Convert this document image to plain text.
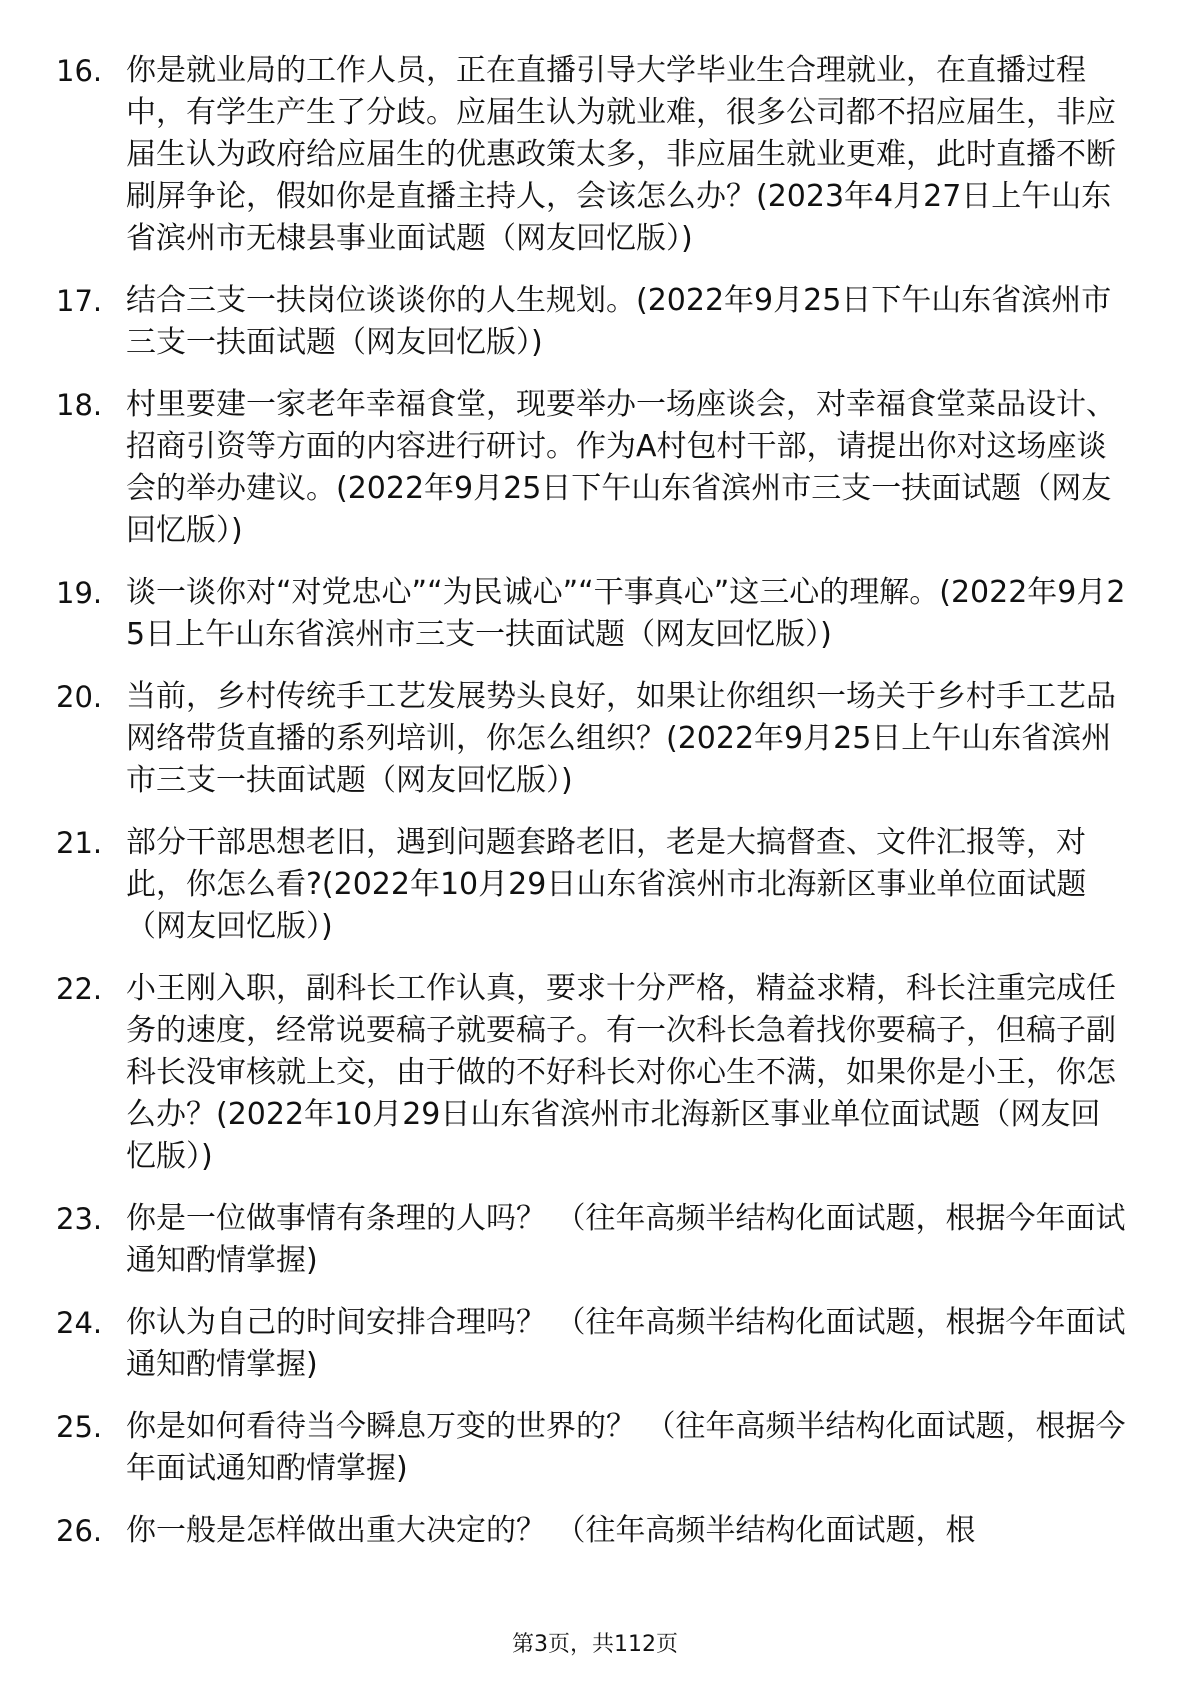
16. 你是就业局的工作人员，正在直播引导大学毕业生合理就业，在直播过程中，有学生产生了分歧。应届生认为就业难，很多公司都不招应届生，非应届生认为政府给应届生的优惠政策太多，非应届生就业更难，此时直播不断刷屏争论，假如你是直播主持人，会该怎么办？(2023年4月27日上午山东省滨州市无棣县事业面试题（网友回忆版）)
17. 结合三支一扶岗位谈谈你的人生规划。(2022年9月25日下午山东省滨州市三支一扶面试题（网友回忆版）)
18. 村里要建一家老年幸福食堂，现要举办一场座谈会，对幸福食堂菜品设计、招商引资等方面的内容进行研讨。作为A村包村干部，请提出你对这场座谈会的举办建议。(2022年9月25日下午山东省滨州市三支一扶面试题（网友回忆版）)
19. 谈一谈你对“对党忠心”“为民诚心”“干事真心”这三心的理解。(2022年9月25日上午山东省滨州市三支一扶面试题（网友回忆版）)
20. 当前，乡村传统手工艺发展势头良好，如果让你组织一场关于乡村手工艺品网络带货直播的系列培训，你怎么组织？(2022年9月25日上午山东省滨州市三支一扶面试题（网友回忆版）)
21. 部分干部思想老旧，遇到问题套路老旧，老是大搞督查、文件汇报等，对此，你怎么看?(2022年10月29日山东省滨州市北海新区事业单位面试题（网友回忆版）)
22. 小王刚入职，副科长工作认真，要求十分严格，精益求精，科长注重完成任务的速度，经常说要稿子就要稿子。有一次科长急着找你要稿子，但稿子副科长没审核就上交，由于做的不好科长对你心生不满，如果你是小王，你怎么办？(2022年10月29日山东省滨州市北海新区事业单位面试题（网友回忆版）)
23. 你是一位做事情有条理的人吗？ （往年高频半结构化面试题，根据今年面试通知酌情掌握)
24. 你认为自己的时间安排合理吗？ （往年高频半结构化面试题，根据今年面试通知酌情掌握)
25. 你是如何看待当今瞬息万变的世界的？ （往年高频半结构化面试题，根据今年面试通知酌情掌握)
26. 你一般是怎样做出重大决定的？ （往年高频半结构化面试题，根
第3页，共112页
